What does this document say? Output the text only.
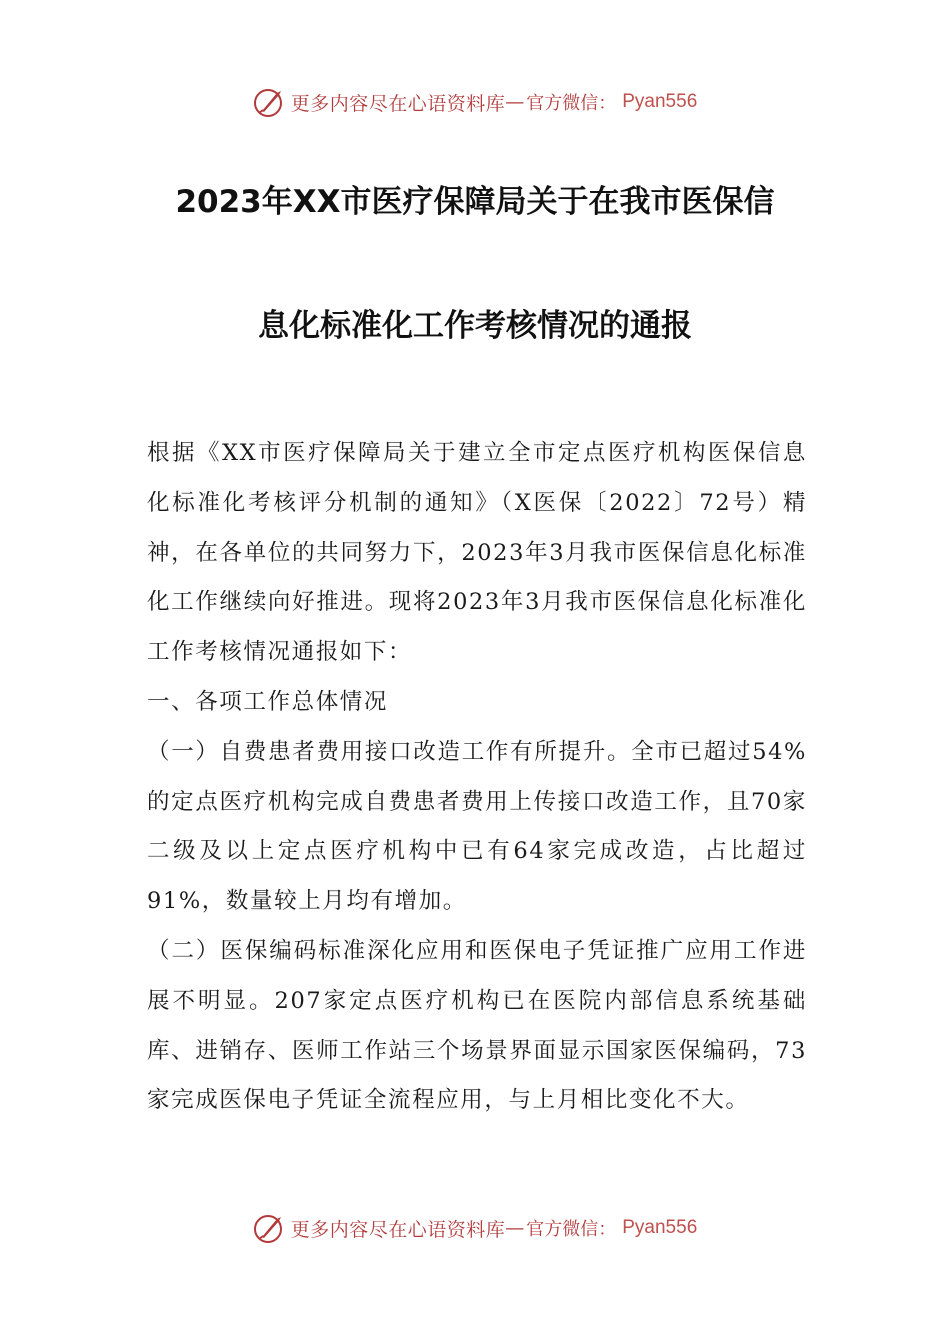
更多内容尽在心语资料库 — 官方微信： Pyan556
2023年XX市医疗保障局关于在我市医保信
息化标准化工作考核情况的通报

根据《XX市医疗保障局关于建立全市定点医疗机构医保信息化标准化考核评分机制的通知》（X医保〔2022〕72号）精神，在各单位的共同努力下，2023年3月我市医保信息化标准化工作继续向好推进。现将2023年3月我市医保信息化标准化工作考核情况通报如下：

一、各项工作总体情况

（一）自费患者费用接口改造工作有所提升。全市已超过54%的定点医疗机构完成自费患者费用上传接口改造工作，且70家二级及以上定点医疗机构中已有64家完成改造，占比超过91%，数量较上月均有增加。

（二）医保编码标准深化应用和医保电子凭证推广应用工作进展不明显。207家定点医疗机构已在医院内部信息系统基础库、进销存、医师工作站三个场景界面显示国家医保编码，73家完成医保电子凭证全流程应用，与上月相比变化不大。

更多内容尽在心语资料库 — 官方微信： Pyan556
